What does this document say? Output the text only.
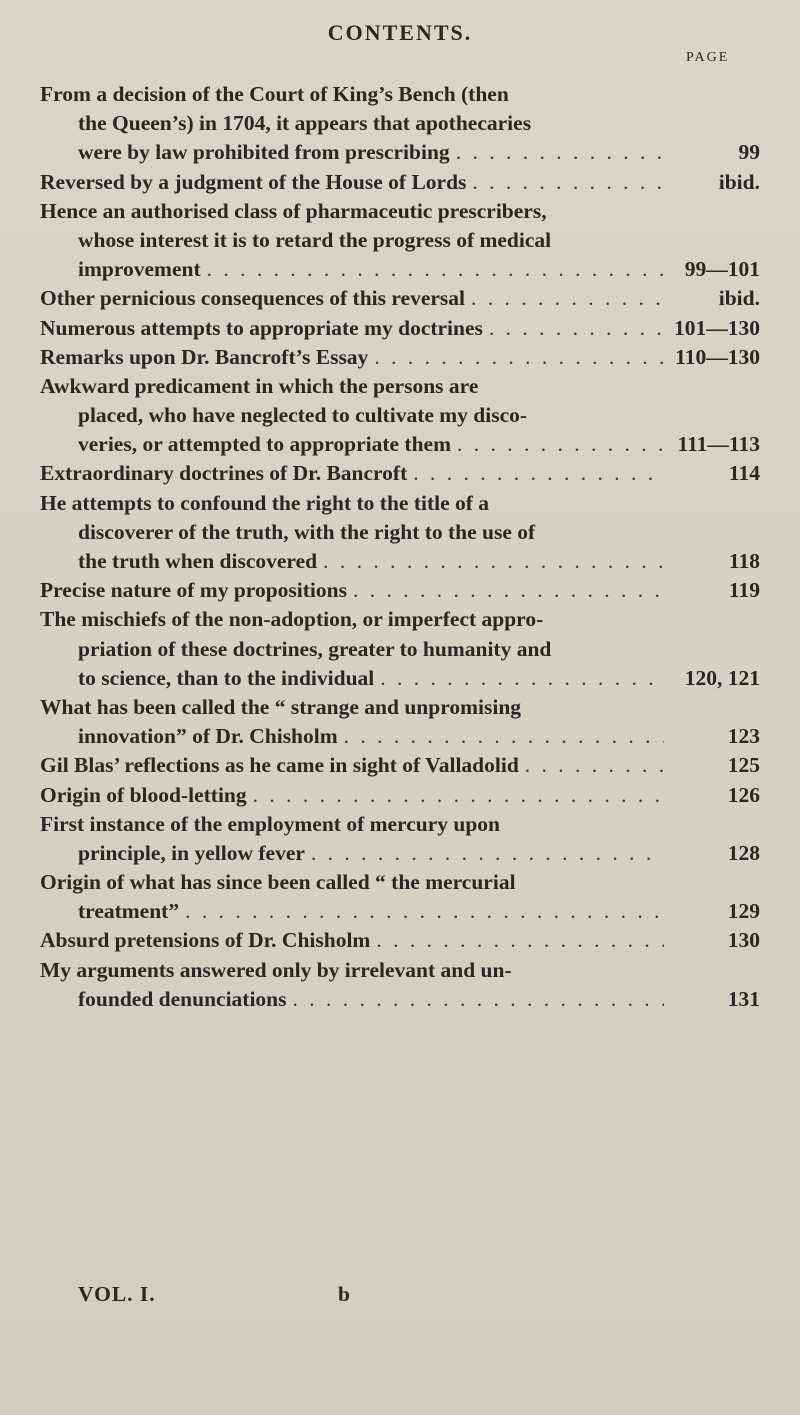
CONTENTS.
PAGE
From a decision of the Court of King’s Bench (then
the Queen’s) in 1704, it appears that apothecaries
were by law prohibited from prescribing . . .	99
Reversed by a judgment of the House of Lords . . .	ibid.
Hence an authorised class of pharmaceutic prescribers,
whose interest it is to retard the progress of medical
improvement . . .	99—101
Other pernicious consequences of this reversal . . .	ibid.
Numerous attempts to appropriate my doctrines . . .	101—130
Remarks upon Dr. Bancroft’s Essay . . .	110—130
Awkward predicament in which the persons are
placed, who have neglected to cultivate my disco-
veries, or attempted to appropriate them . . .	111—113
Extraordinary doctrines of Dr. Bancroft . . .	114
He attempts to confound the right to the title of a
discoverer of the truth, with the right to the use of
the truth when discovered . . .	118
Precise nature of my propositions . . .	119
The mischiefs of the non-adoption, or imperfect appro-
priation of these doctrines, greater to humanity and
to science, than to the individual . . .	120, 121
What has been called the “ strange and unpromising
innovation” of Dr. Chisholm . . .	123
Gil Blas’ reflections as he came in sight of Valladolid . . .	125
Origin of blood-letting . . .	126
First instance of the employment of mercury upon
principle, in yellow fever . . .	128
Origin of what has since been called “ the mercurial
treatment” . . .	129
Absurd pretensions of Dr. Chisholm . . .	130
My arguments answered only by irrelevant and un-
founded denunciations . . .	131
VOL. I.	b
